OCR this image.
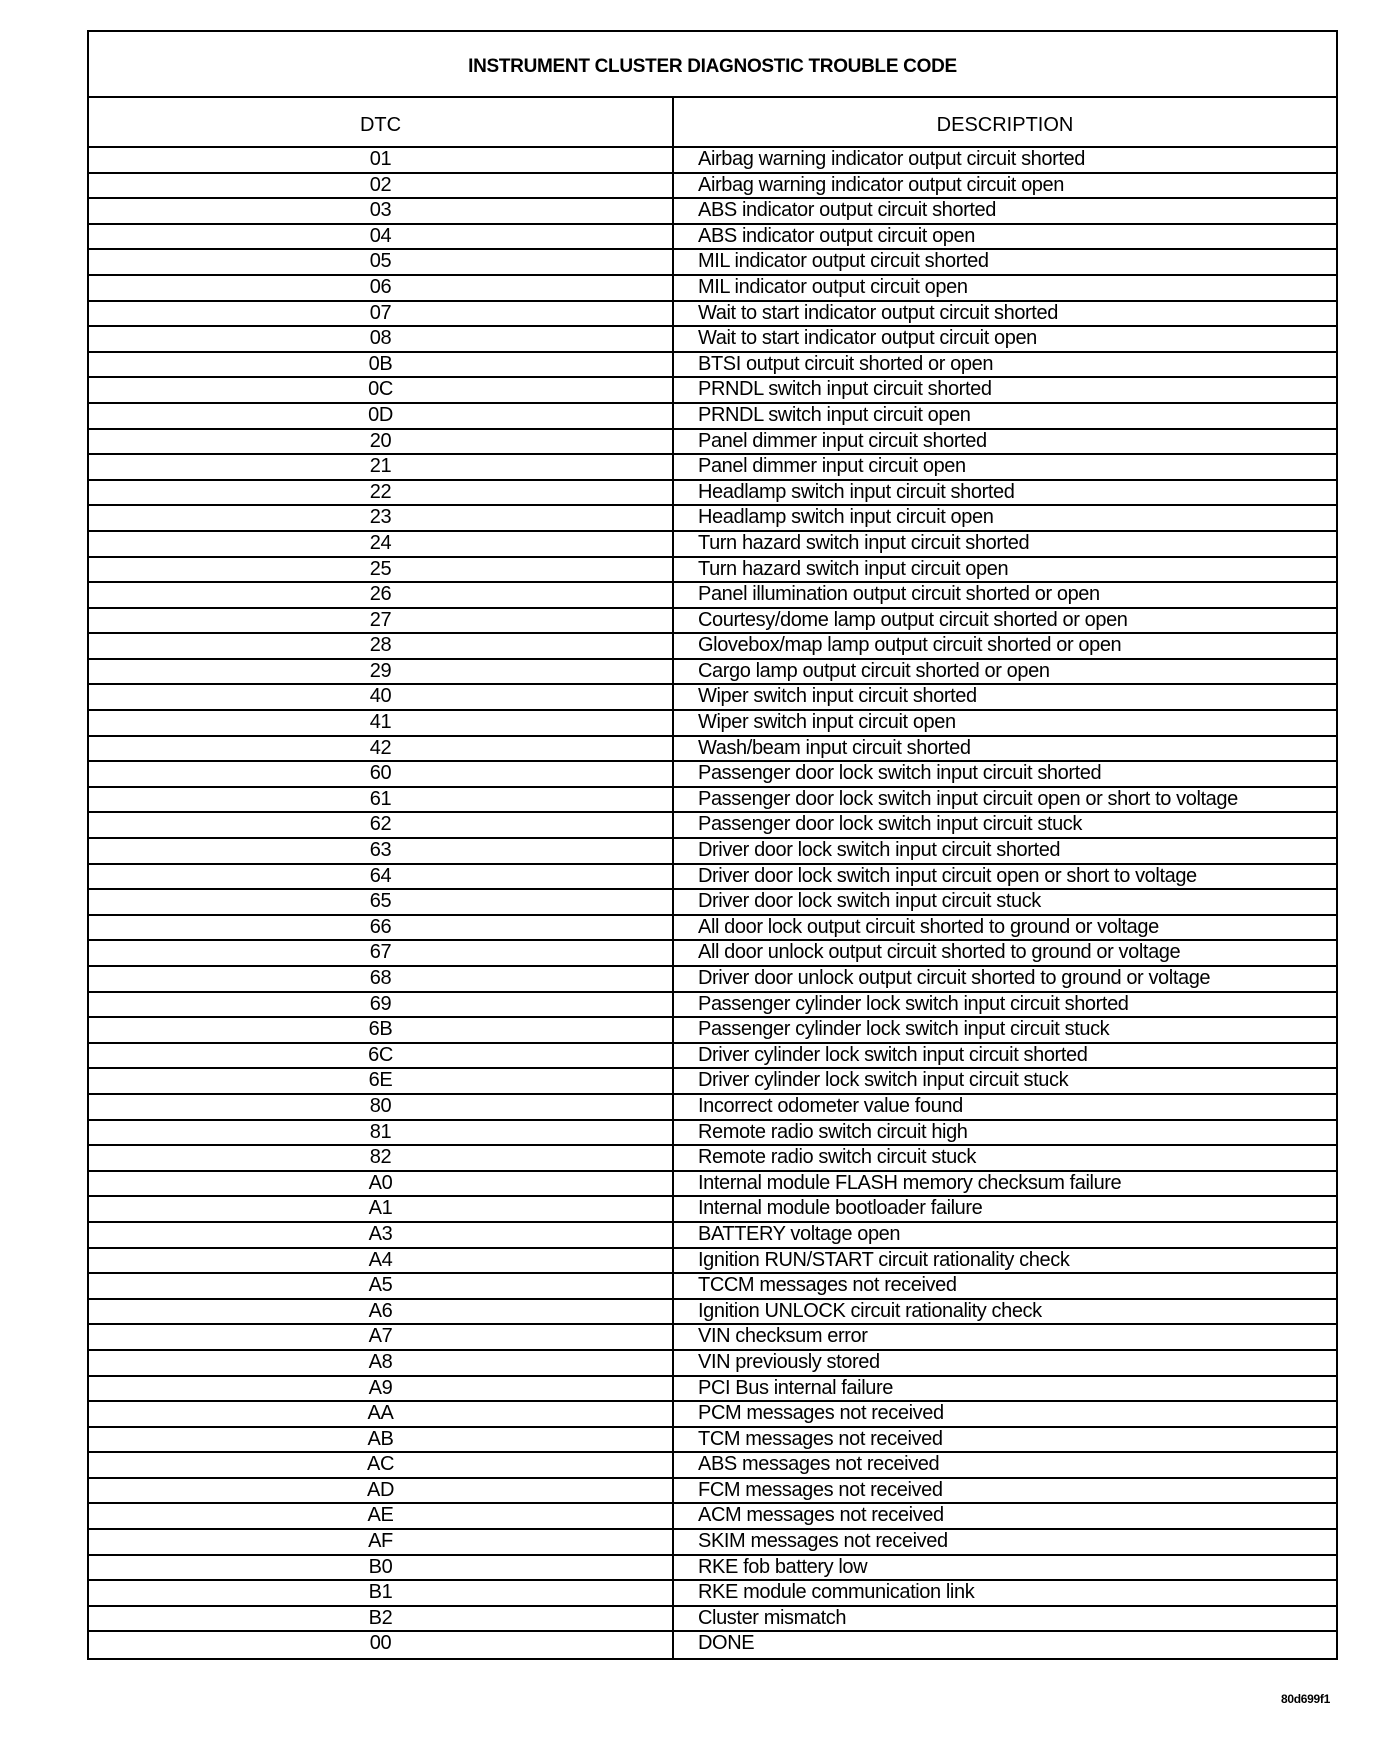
INSTRUMENT CLUSTER DIAGNOSTIC TROUBLE CODE
DTC	DESCRIPTION
01	Airbag warning indicator output circuit shorted
02	Airbag warning indicator output circuit open
03	ABS indicator output circuit shorted
04	ABS indicator output circuit open
05	MIL indicator output circuit shorted
06	MIL indicator output circuit open
07	Wait to start indicator output circuit shorted
08	Wait to start indicator output circuit open
0B	BTSI output circuit shorted or open
0C	PRNDL switch input circuit shorted
0D	PRNDL switch input circuit open
20	Panel dimmer input circuit shorted
21	Panel dimmer input circuit open
22	Headlamp switch input circuit shorted
23	Headlamp switch input circuit open
24	Turn hazard switch input circuit shorted
25	Turn hazard switch input circuit open
26	Panel illumination output circuit shorted or open
27	Courtesy/dome lamp output circuit shorted or open
28	Glovebox/map lamp output circuit shorted or open
29	Cargo lamp output circuit shorted or open
40	Wiper switch input circuit shorted
41	Wiper switch input circuit open
42	Wash/beam input circuit shorted
60	Passenger door lock switch input circuit shorted
61	Passenger door lock switch input circuit open or short to voltage
62	Passenger door lock switch input circuit stuck
63	Driver door lock switch input circuit shorted
64	Driver door lock switch input circuit open or short to voltage
65	Driver door lock switch input circuit stuck
66	All door lock output circuit shorted to ground or voltage
67	All door unlock output circuit shorted to ground or voltage
68	Driver door unlock output circuit shorted to ground or voltage
69	Passenger cylinder lock switch input circuit shorted
6B	Passenger cylinder lock switch input circuit stuck
6C	Driver cylinder lock switch input circuit shorted
6E	Driver cylinder lock switch input circuit stuck
80	Incorrect odometer value found
81	Remote radio switch circuit high
82	Remote radio switch circuit stuck
A0	Internal module FLASH memory checksum failure
A1	Internal module bootloader failure
A3	BATTERY voltage open
A4	Ignition RUN/START circuit rationality check
A5	TCCM messages not received
A6	Ignition UNLOCK circuit rationality check
A7	VIN checksum error
A8	VIN previously stored
A9	PCI Bus internal failure
AA	PCM messages not received
AB	TCM messages not received
AC	ABS messages not received
AD	FCM messages not received
AE	ACM messages not received
AF	SKIM messages not received
B0	RKE fob battery low
B1	RKE module communication link
B2	Cluster mismatch
00	DONE
80d699f1
